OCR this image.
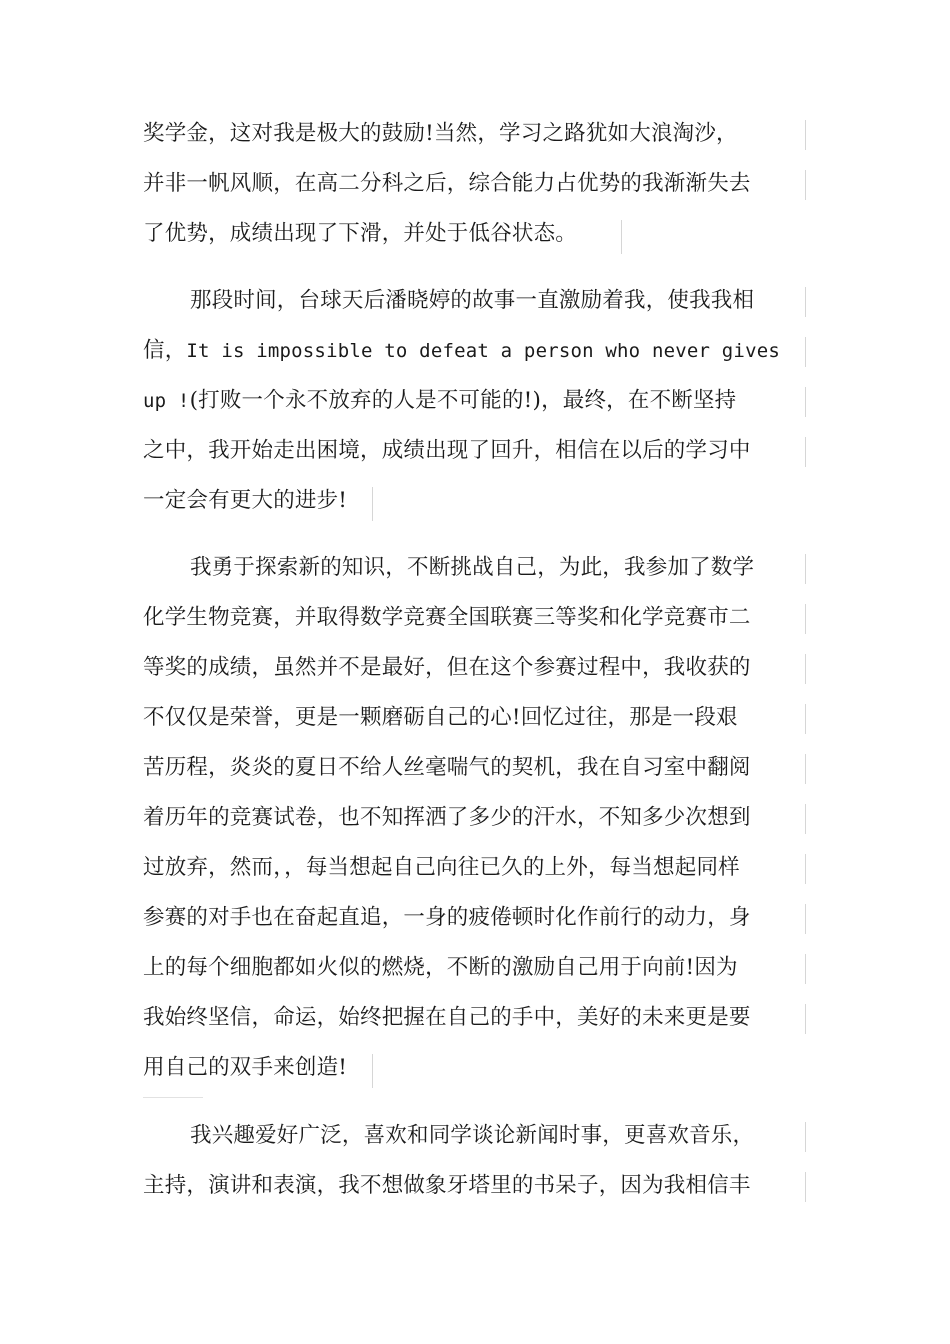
奖学金，这对我是极大的鼓励!当然，学习之路犹如大浪淘沙，
并非一帆风顺，在高二分科之后，综合能力占优势的我渐渐失去
了优势，成绩出现了下滑，并处于低谷状态。
那段时间，台球天后潘晓婷的故事一直激励着我，使我我相
信，It is impossible to defeat a person who never gives
up !(打败一个永不放弃的人是不可能的!)，最终，在不断坚持
之中，我开始走出困境，成绩出现了回升，相信在以后的学习中
一定会有更大的进步!
我勇于探索新的知识，不断挑战自己，为此，我参加了数学
化学生物竞赛，并取得数学竞赛全国联赛三等奖和化学竞赛市二
等奖的成绩，虽然并不是最好，但在这个参赛过程中，我收获的
不仅仅是荣誉，更是一颗磨砺自己的心!回忆过往，那是一段艰
苦历程，炎炎的夏日不给人丝毫喘气的契机，我在自习室中翻阅
着历年的竞赛试卷，也不知挥洒了多少的汗水，不知多少次想到
过放弃，然而，，每当想起自己向往已久的上外，每当想起同样
参赛的对手也在奋起直追，一身的疲倦顿时化作前行的动力，身
上的每个细胞都如火似的燃烧，不断的激励自己用于向前!因为
我始终坚信，命运，始终把握在自己的手中，美好的未来更是要
用自己的双手来创造!
我兴趣爱好广泛，喜欢和同学谈论新闻时事，更喜欢音乐，
主持，演讲和表演，我不想做象牙塔里的书呆子，因为我相信丰
